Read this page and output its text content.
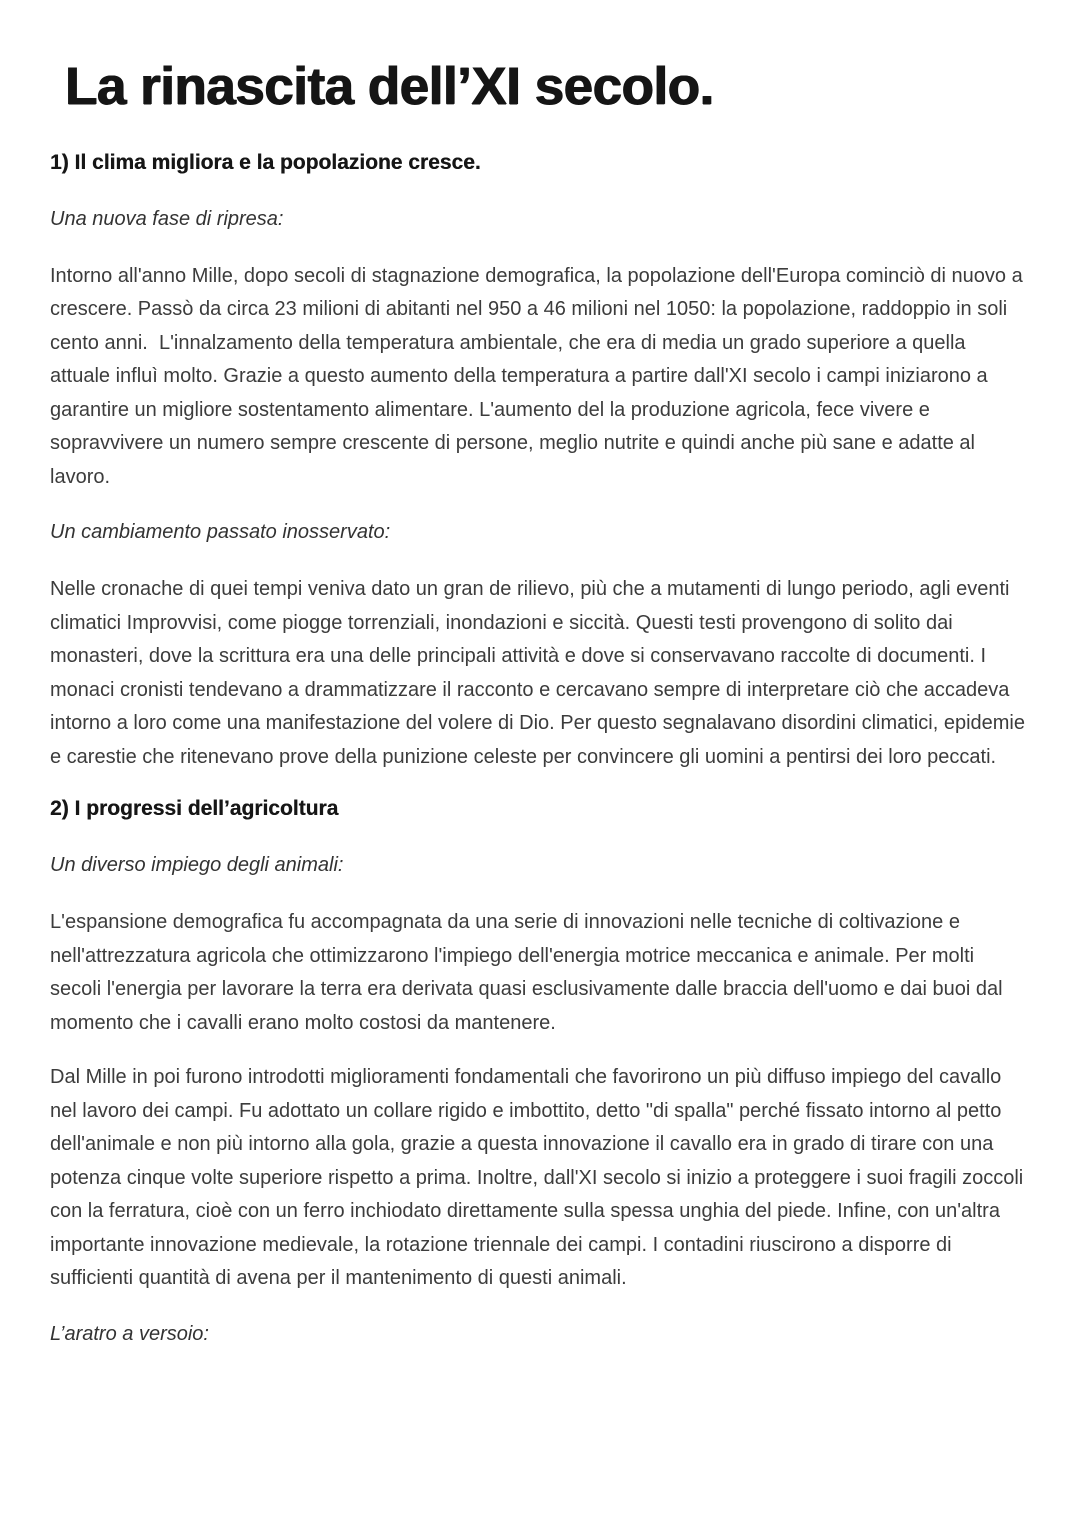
La rinascita dell’XI secolo.
1) Il clima migliora e la popolazione cresce.

Una nuova fase di ripresa:

Intorno all'anno Mille, dopo secoli di stagnazione demografica, la popolazione dell'Europa cominciò di nuovo a crescere. Passò da circa 23 milioni di abitanti nel 950 a 46 milioni nel 1050: la popolazione, raddoppio in soli cento anni.  L'innalzamento della temperatura ambientale, che era di media un grado superiore a quella attuale influì molto. Grazie a questo aumento della temperatura a partire dall'XI secolo i campi iniziarono a garantire un migliore sostentamento alimentare. L'aumento del la produzione agricola, fece vivere e sopravvivere un numero sempre crescente di persone, meglio nutrite e quindi anche più sane e adatte al lavoro.

Un cambiamento passato inosservato:

Nelle cronache di quei tempi veniva dato un gran de rilievo, più che a mutamenti di lungo periodo, agli eventi climatici Improvvisi, come piogge torrenziali, inondazioni e siccità. Questi testi provengono di solito dai monasteri, dove la scrittura era una delle principali attività e dove si conservavano raccolte di documenti. I monaci cronisti tendevano a drammatizzare il racconto e cercavano sempre di interpretare ciò che accadeva intorno a loro come una manifestazione del volere di Dio. Per questo segnalavano disordini climatici, epidemie e carestie che ritenevano prove della punizione celeste per convincere gli uomini a pentirsi dei loro peccati.

2) I progressi dell’agricoltura

Un diverso impiego degli animali:

L'espansione demografica fu accompagnata da una serie di innovazioni nelle tecniche di coltivazione e nell'attrezzatura agricola che ottimizzarono l'impiego dell'energia motrice meccanica e animale. Per molti secoli l'energia per lavorare la terra era derivata quasi esclusivamente dalle braccia dell'uomo e dai buoi dal momento che i cavalli erano molto costosi da mantenere.

Dal Mille in poi furono introdotti miglioramenti fondamentali che favorirono un più diffuso impiego del cavallo nel lavoro dei campi. Fu adottato un collare rigido e imbottito, detto "di spalla" perché fissato intorno al petto dell'animale e non più intorno alla gola, grazie a questa innovazione il cavallo era in grado di tirare con una potenza cinque volte superiore rispetto a prima. Inoltre, dall'XI secolo si inizio a proteggere i suoi fragili zoccoli con la ferratura, cioè con un ferro inchiodato direttamente sulla spessa unghia del piede. Infine, con un'altra importante innovazione medievale, la rotazione triennale dei campi. I contadini riuscirono a disporre di sufficienti quantità di avena per il mantenimento di questi animali.

L’aratro a versoio:
